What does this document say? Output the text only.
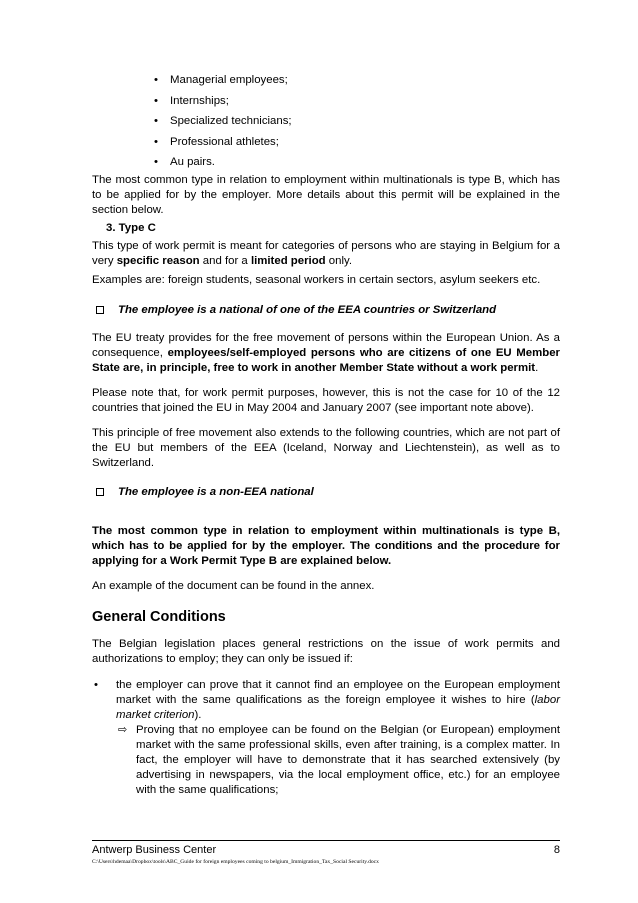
• Managerial employees;
• Internships;
• Specialized technicians;
• Professional athletes;
• Au pairs.

The most common type in relation to employment within multinationals is type B, which has to be applied for by the employer. More details about this permit will be explained in the section below.

3. Type C

This type of work permit is meant for categories of persons who are staying in Belgium for a very specific reason and for a limited period only.

Examples are: foreign students, seasonal workers in certain sectors, asylum seekers etc.

The employee is a national of one of the EEA countries or Switzerland

The EU treaty provides for the free movement of persons within the European Union. As a consequence, employees/self-employed persons who are citizens of one EU Member State are, in principle, free to work in another Member State without a work permit.

Please note that, for work permit purposes, however, this is not the case for 10 of the 12 countries that joined the EU in May 2004 and January 2007 (see important note above).

This principle of free movement also extends to the following countries, which are not part of the EU but members of the EEA (Iceland, Norway and Liechtenstein), as well as to Switzerland.

The employee is a non-EEA national

The most common type in relation to employment within multinationals is type B, which has to be applied for by the employer. The conditions and the procedure for applying for a Work Permit Type B are explained below.

An example of the document can be found in the annex.

General Conditions

The Belgian legislation places general restrictions on the issue of work permits and authorizations to employ; they can only be issued if:

• the employer can prove that it cannot find an employee on the European employment market with the same qualifications as the foreign employee it wishes to hire (labor market criterion).
⇨ Proving that no employee can be found on the Belgian (or European) employment market with the same professional skills, even after training, is a complex matter. In fact, the employer will have to demonstrate that it has searched extensively (by advertising in newspapers, via the local employment office, etc.) for an employee with the same qualifications;
Antwerp Business Center	8
C:\Users\hdemaa\Dropbox\tools\ABC_Guide for foreign employees coming to belgium_Immigration_Tax_Social Security.docx
